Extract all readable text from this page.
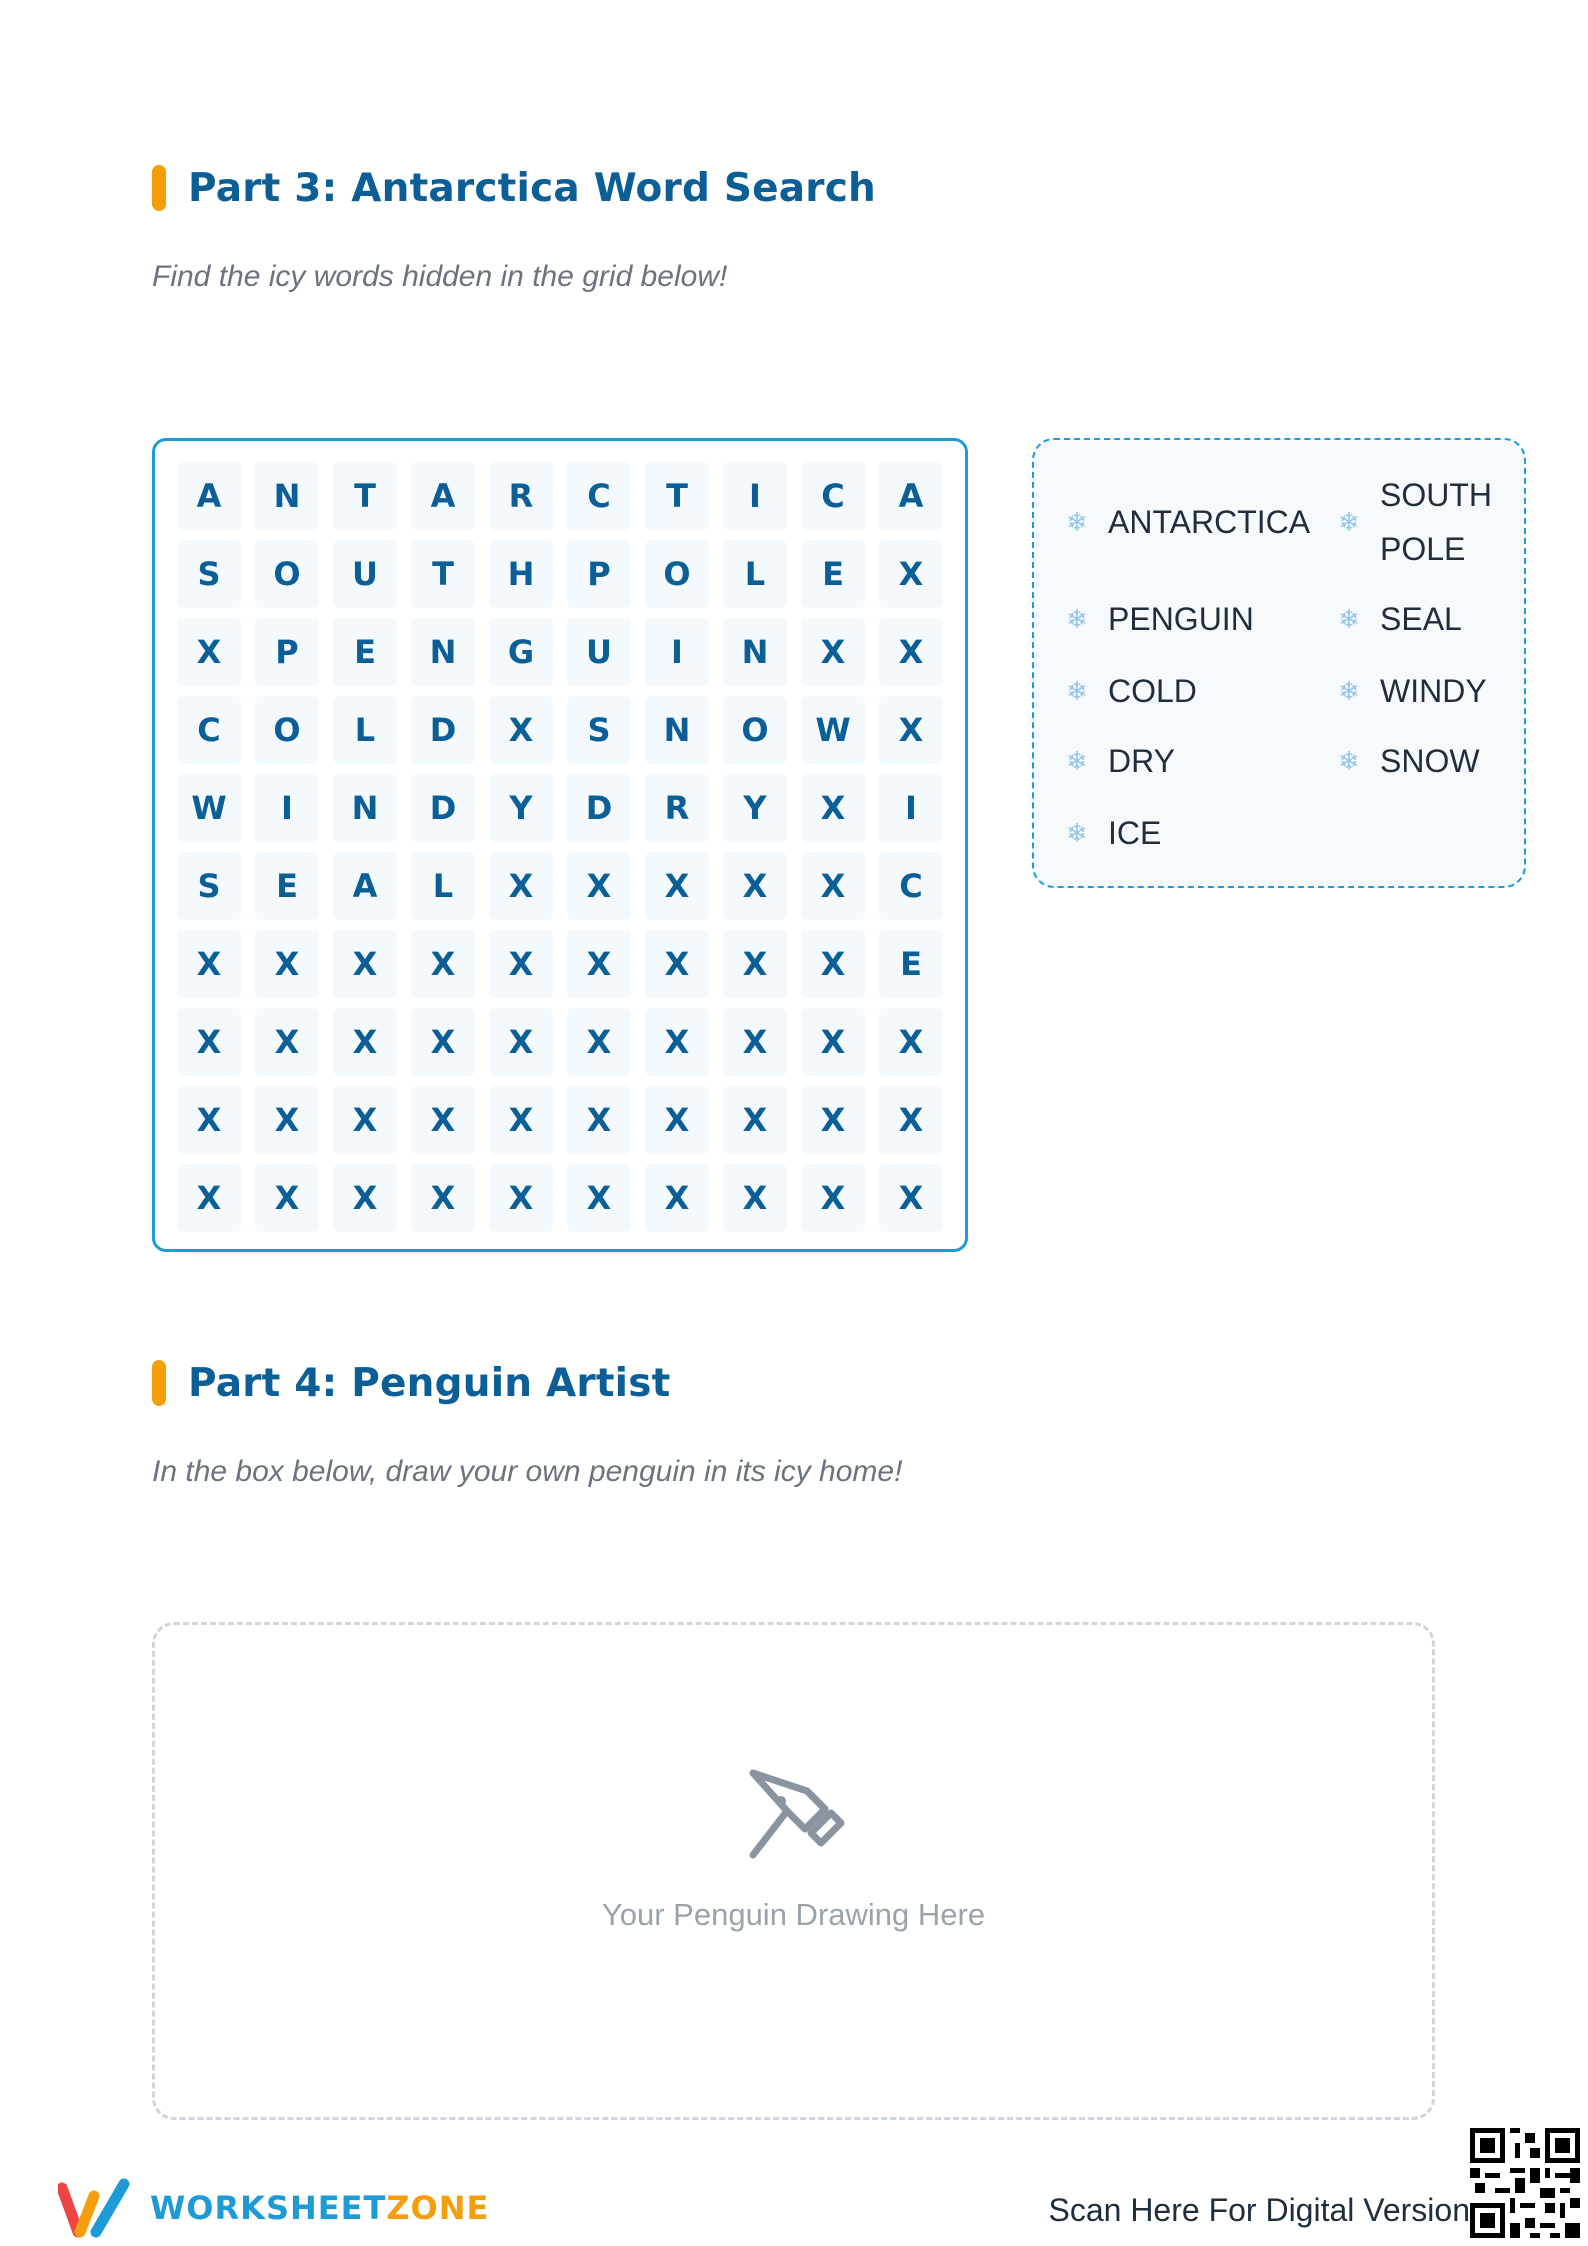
Part 3: Antarctica Word Search
Find the icy words hidden in the grid below!
A	N	T	A	R	C	T	I	C	A
S	O	U	T	H	P	O	L	E	X
X	P	E	N	G	U	I	N	X	X
C	O	L	D	X	S	N	O	W	X
W	I	N	D	Y	D	R	Y	X	I
S	E	A	L	X	X	X	X	X	C
X	X	X	X	X	X	X	X	X	E
X	X	X	X	X	X	X	X	X	X
X	X	X	X	X	X	X	X	X	X
X	X	X	X	X	X	X	X	X	X
❄ ANTARCTICA ❄
SOUTH POLE
❄ PENGUIN	❄ SEAL
❄ COLD	❄ WINDY
❄ DRY	❄ SNOW
❄ ICE
Part 4: Penguin Artist
In the box below, draw your own penguin in its icy home!
Your Penguin Drawing Here
WORKSHEETZONE	Scan Here For Digital Version
